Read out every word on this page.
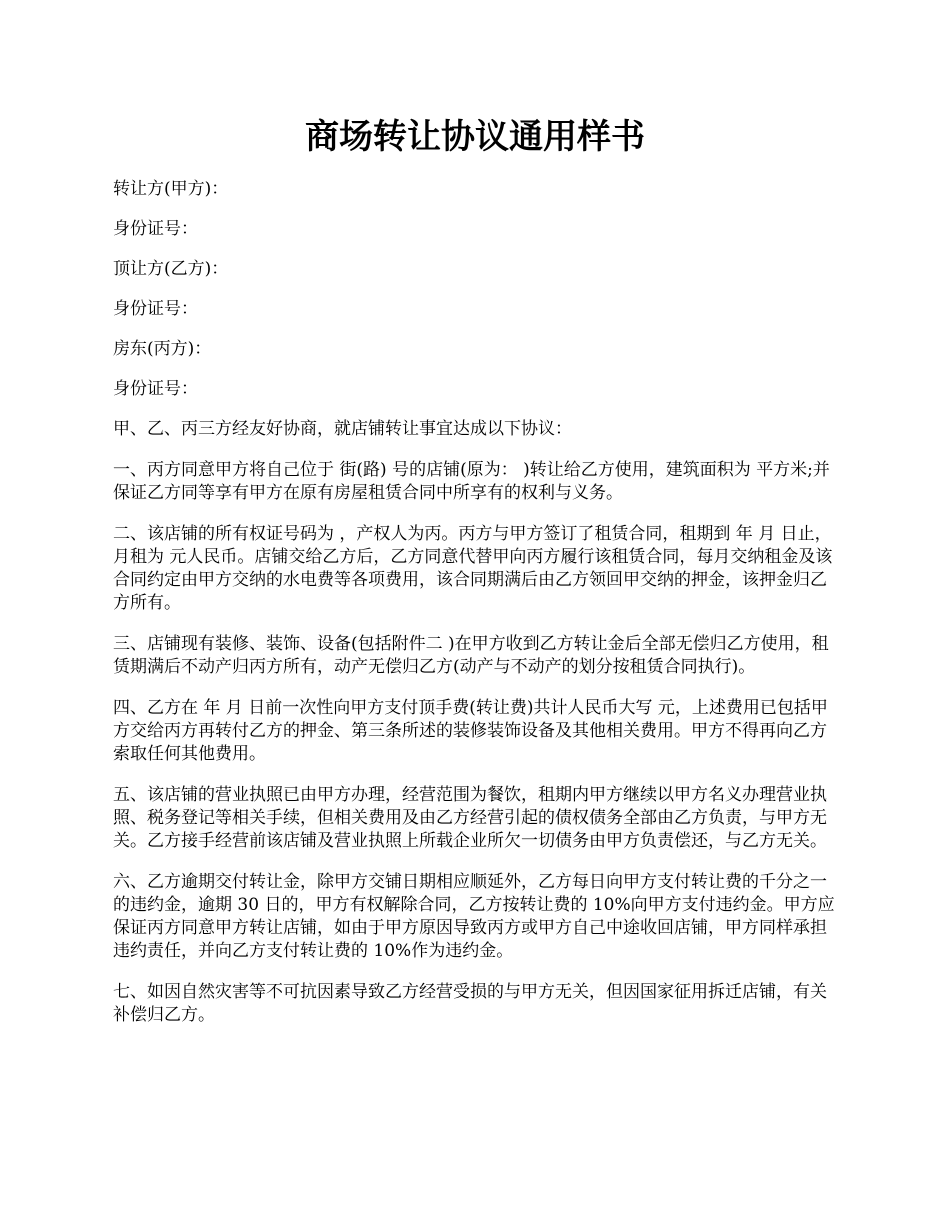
商场转让协议通用样书

转让方(甲方)：

身份证号：

顶让方(乙方)：

身份证号：

房东(丙方)：

身份证号：

甲、乙、丙三方经友好协商，就店铺转让事宜达成以下协议：

一、丙方同意甲方将自己位于 街(路) 号的店铺(原为： )转让给乙方使用，建筑面积为 平方米;并保证乙方同等享有甲方在原有房屋租赁合同中所享有的权利与义务。

二、该店铺的所有权证号码为 ，产权人为丙。丙方与甲方签订了租赁合同，租期到 年 月 日止，月租为 元人民币。店铺交给乙方后，乙方同意代替甲向丙方履行该租赁合同，每月交纳租金及该合同约定由甲方交纳的水电费等各项费用，该合同期满后由乙方领回甲交纳的押金，该押金归乙方所有。

三、店铺现有装修、装饰、设备(包括附件二 )在甲方收到乙方转让金后全部无偿归乙方使用，租赁期满后不动产归丙方所有，动产无偿归乙方(动产与不动产的划分按租赁合同执行)。

四、乙方在 年 月 日前一次性向甲方支付顶手费(转让费)共计人民币大写 元，上述费用已包括甲方交给丙方再转付乙方的押金、第三条所述的装修装饰设备及其他相关费用。甲方不得再向乙方索取任何其他费用。

五、该店铺的营业执照已由甲方办理，经营范围为餐饮，租期内甲方继续以甲方名义办理营业执照、税务登记等相关手续，但相关费用及由乙方经营引起的债权债务全部由乙方负责，与甲方无关。乙方接手经营前该店铺及营业执照上所载企业所欠一切债务由甲方负责偿还，与乙方无关。

六、乙方逾期交付转让金，除甲方交铺日期相应顺延外，乙方每日向甲方支付转让费的千分之一的违约金，逾期 30 日的，甲方有权解除合同，乙方按转让费的 10%向甲方支付违约金。甲方应保证丙方同意甲方转让店铺，如由于甲方原因导致丙方或甲方自己中途收回店铺，甲方同样承担违约责任，并向乙方支付转让费的 10%作为违约金。

七、如因自然灾害等不可抗因素导致乙方经营受损的与甲方无关，但因国家征用拆迁店铺，有关补偿归乙方。
